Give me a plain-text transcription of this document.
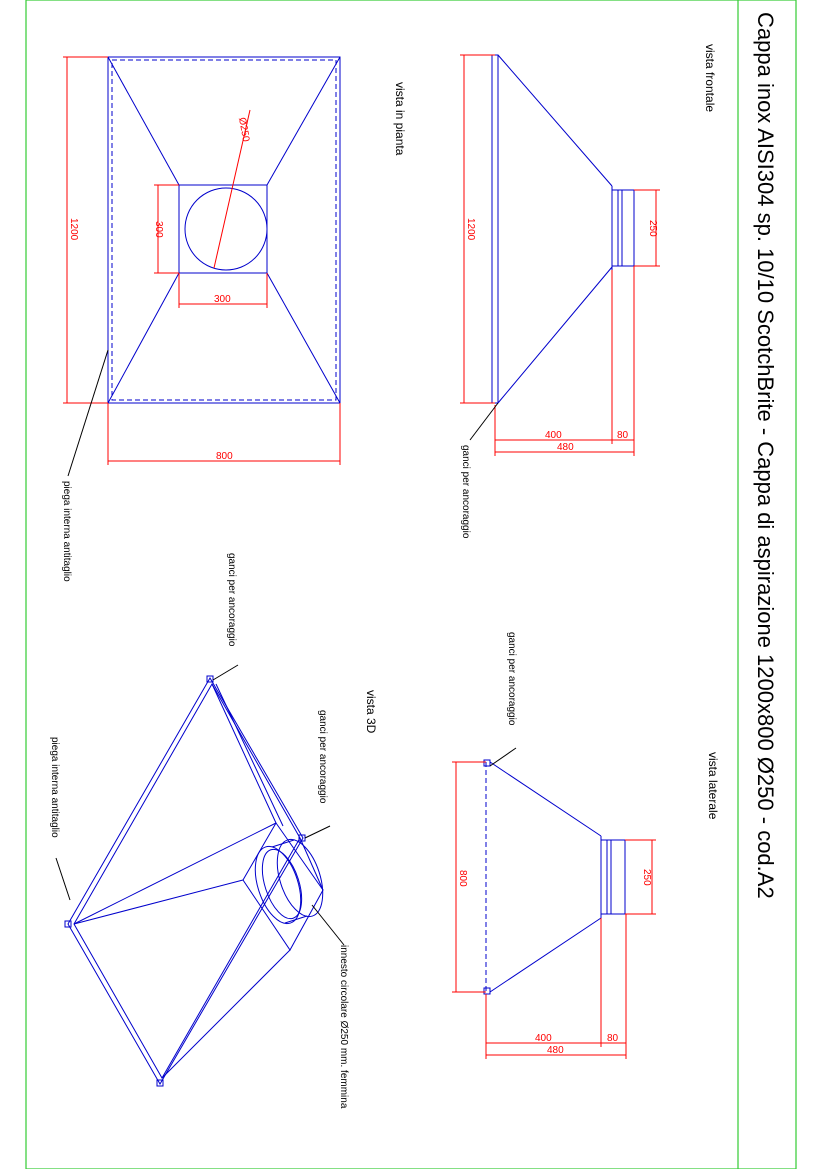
Cappa inox AISI304 sp. 10/10 ScotchBrite - Cappa di aspirazione 1200x800 Ø250 - cod.A2
vista frontale
1200	250
400	80
480
ganci per ancoraggio
vista in pianta
1200
800
300
300
Ø250
piega interna antitaglio
vista laterale
800	250
400	80
480
ganci per ancoraggio
vista 3D
ganci per ancoraggio
ganci per ancoraggio
piega interna antitaglio
innesto circolare Ø250 mm. femmina
